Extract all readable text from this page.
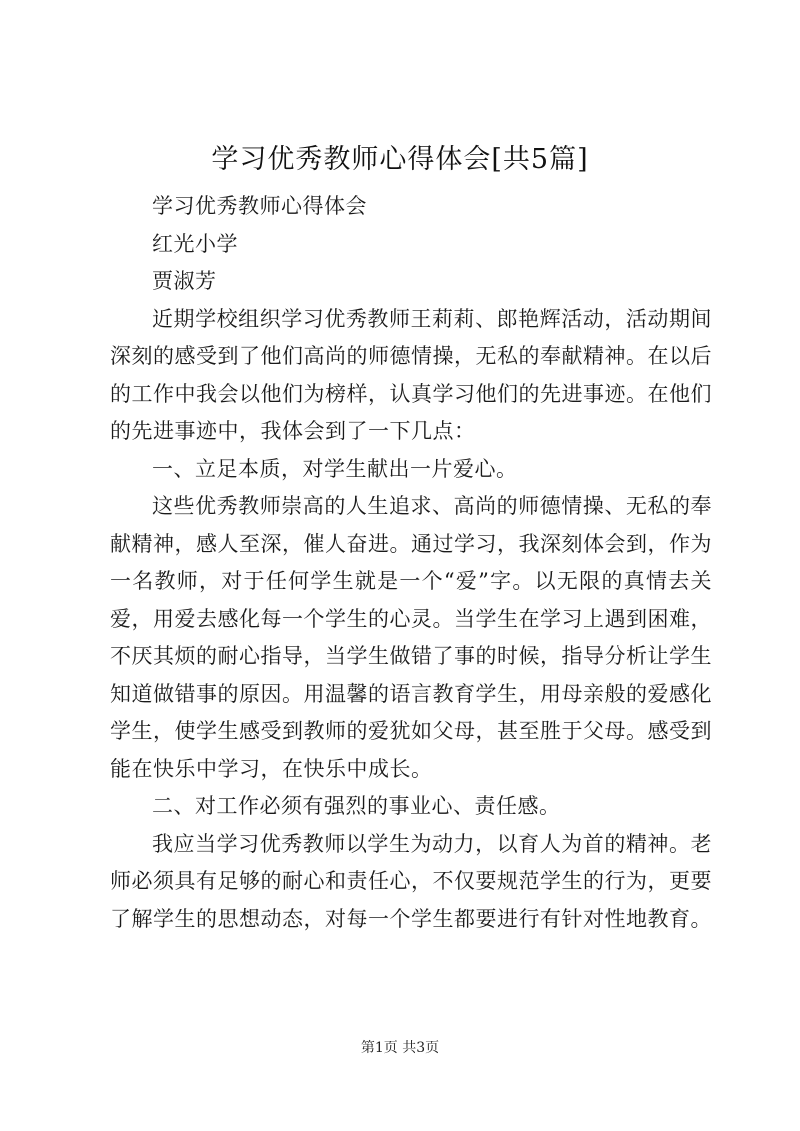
学习优秀教师心得体会[共5篇]

学习优秀教师心得体会

红光小学

贾淑芳

近期学校组织学习优秀教师王莉莉、郎艳辉活动，活动期间深刻的感受到了他们高尚的师德情操，无私的奉献精神。在以后的工作中我会以他们为榜样，认真学习他们的先进事迹。在他们的先进事迹中，我体会到了一下几点：

一、立足本质，对学生献出一片爱心。

这些优秀教师崇高的人生追求、高尚的师德情操、无私的奉献精神，感人至深，催人奋进。通过学习，我深刻体会到，作为一名教师，对于任何学生就是一个“爱”字。以无限的真情去关爱，用爱去感化每一个学生的心灵。当学生在学习上遇到困难，不厌其烦的耐心指导，当学生做错了事的时候，指导分析让学生知道做错事的原因。用温馨的语言教育学生，用母亲般的爱感化学生，使学生感受到教师的爱犹如父母，甚至胜于父母。感受到能在快乐中学习，在快乐中成长。

二、对工作必须有强烈的事业心、责任感。

我应当学习优秀教师以学生为动力，以育人为首的精神。老师必须具有足够的耐心和责任心，不仅要规范学生的行为，更要了解学生的思想动态，对每一个学生都要进行有针对性地教育。

第1页 共3页
